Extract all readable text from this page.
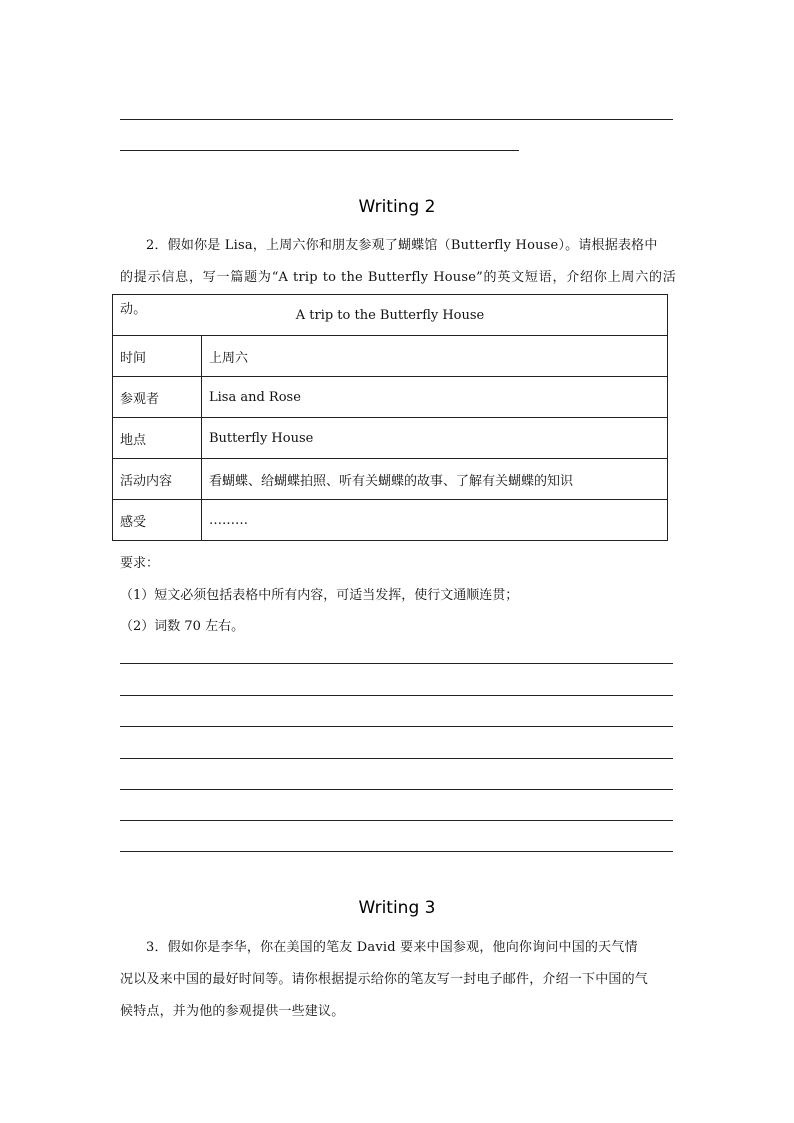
Writing 2
2．假如你是 Lisa，上周六你和朋友参观了蝴蝶馆（Butterfly House）。请根据表格中
的提示信息，写一篇题为“A trip to the Butterfly House”的英文短语，介绍你上周六的活动。	A trip to the Butterfly House	
时间	上周六
参观者	Lisa and Rose
地点	Butterfly House
活动内容	看蝴蝶、给蝴蝶拍照、听有关蝴蝶的故事、了解有关蝴蝶的知识
感受	………
要求：
（1）短文必须包括表格中所有内容，可适当发挥，使行文通顺连贯；
（2）词数 70 左右。
Writing 3
3．假如你是李华，你在美国的笔友 David 要来中国参观，他向你询问中国的天气情
况以及来中国的最好时间等。请你根据提示给你的笔友写一封电子邮件，介绍一下中国的气
候特点，并为他的参观提供一些建议。
